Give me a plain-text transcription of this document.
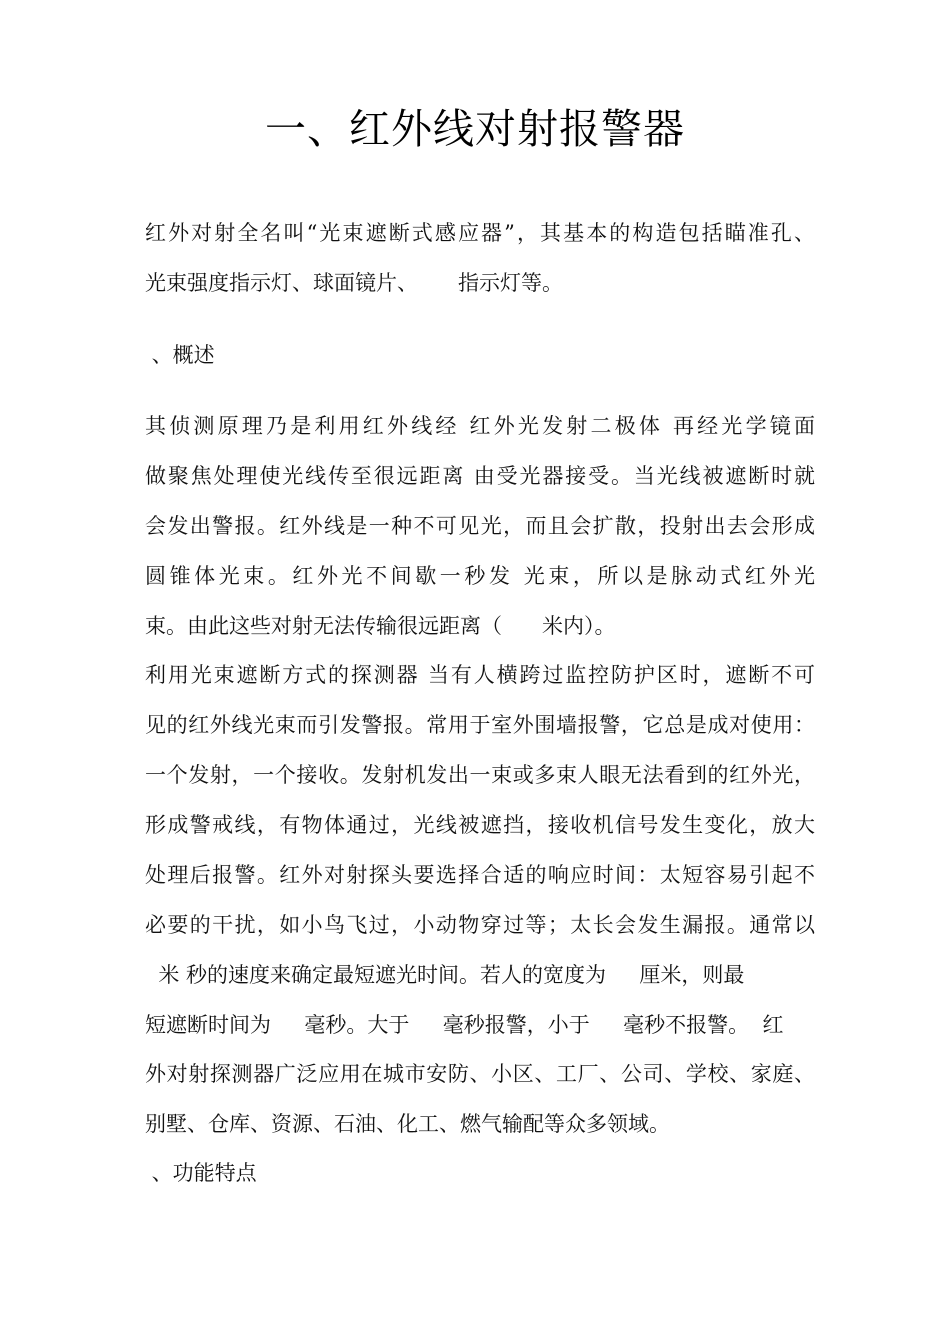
一、红外线对射报警器
红外对射全名叫“光束遮断式感应器”，其基本的构造包括瞄准孔、
光束强度指示灯、球面镜片、      指示灯等。
、概述
其侦测原理乃是利用红外线经 红外光发射二极体 再经光学镜面
做聚焦处理使光线传至很远距离 由受光器接受。当光线被遮断时就
会发出警报。红外线是一种不可见光，而且会扩散，投射出去会形成
圆锥体光束。红外光不间歇一秒发 光束，所以是脉动式红外光
束。由此这些对射无法传输很远距离（      米内）。
利用光束遮断方式的探测器 当有人横跨过监控防护区时，遮断不可
见的红外线光束而引发警报。常用于室外围墙报警，它总是成对使用：
一个发射，一个接收。发射机发出一束或多束人眼无法看到的红外光，
形成警戒线，有物体通过，光线被遮挡，接收机信号发生变化，放大
处理后报警。红外对射探头要选择合适的响应时间：太短容易引起不
必要的干扰，如小鸟飞过，小动物穿过等；太长会发生漏报。通常以
米 秒的速度来确定最短遮光时间。若人的宽度为     厘米，则最
短遮断时间为     毫秒。大于     毫秒报警，小于     毫秒不报警。  红
外对射探测器广泛应用在城市安防、小区、工厂、公司、学校、家庭、
别墅、仓库、资源、石油、化工、燃气输配等众多领域。
、功能特点
